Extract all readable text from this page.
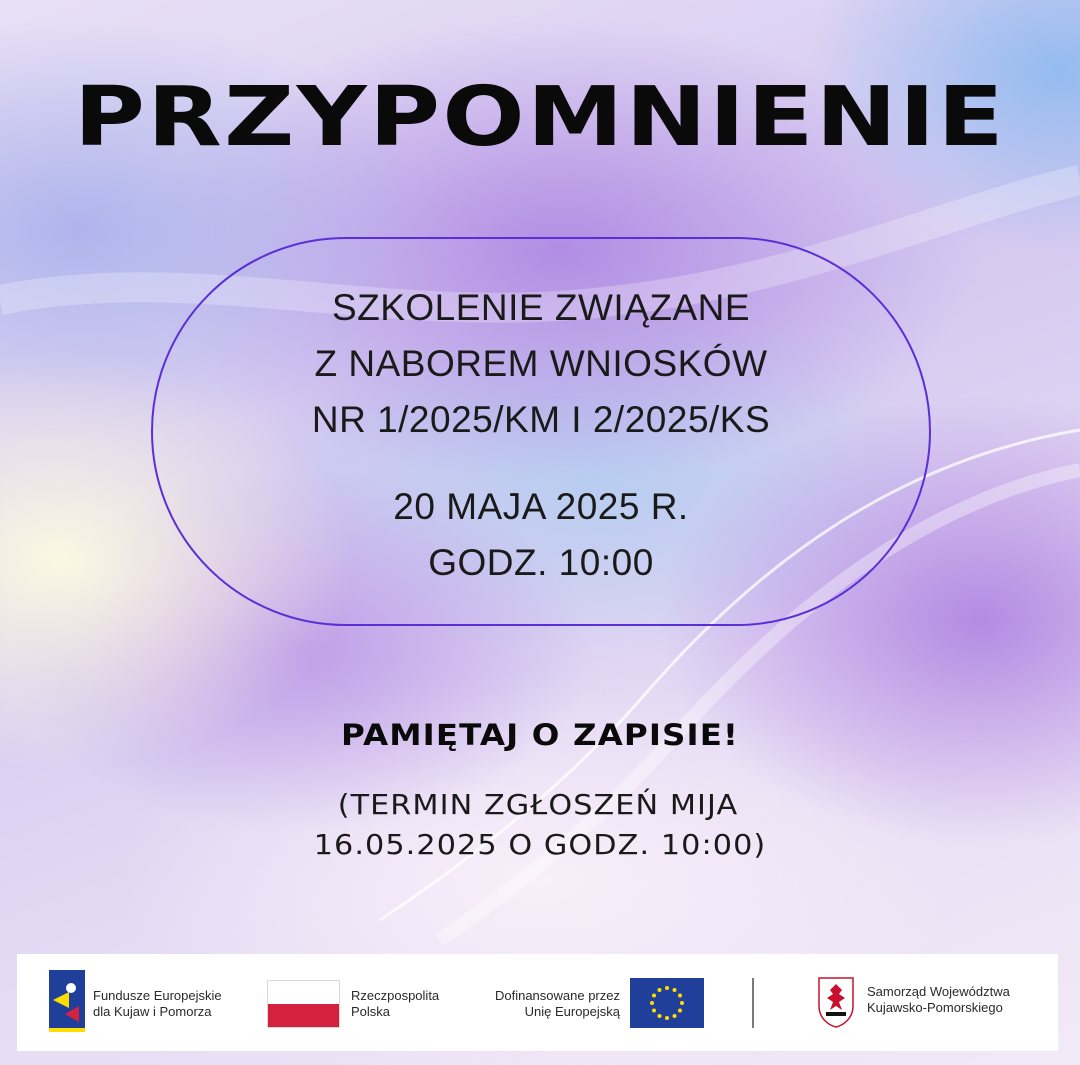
PRZYPOMNIENIE
SZKOLENIE ZWIĄZANE
Z NABOREM WNIOSKÓW
NR 1/2025/KM I 2/2025/KS
20 MAJA 2025 R.
GODZ. 10:00
PAMIĘTAJ O ZAPISIE!
(TERMIN ZGŁOSZEŃ MIJA
16.05.2025 O GODZ. 10:00)
Fundusze Europejskie
dla Kujaw i Pomorza
Rzeczpospolita
Polska
Dofinansowane przez
Unię Europejską
Samorząd Województwa
Kujawsko-Pomorskiego
